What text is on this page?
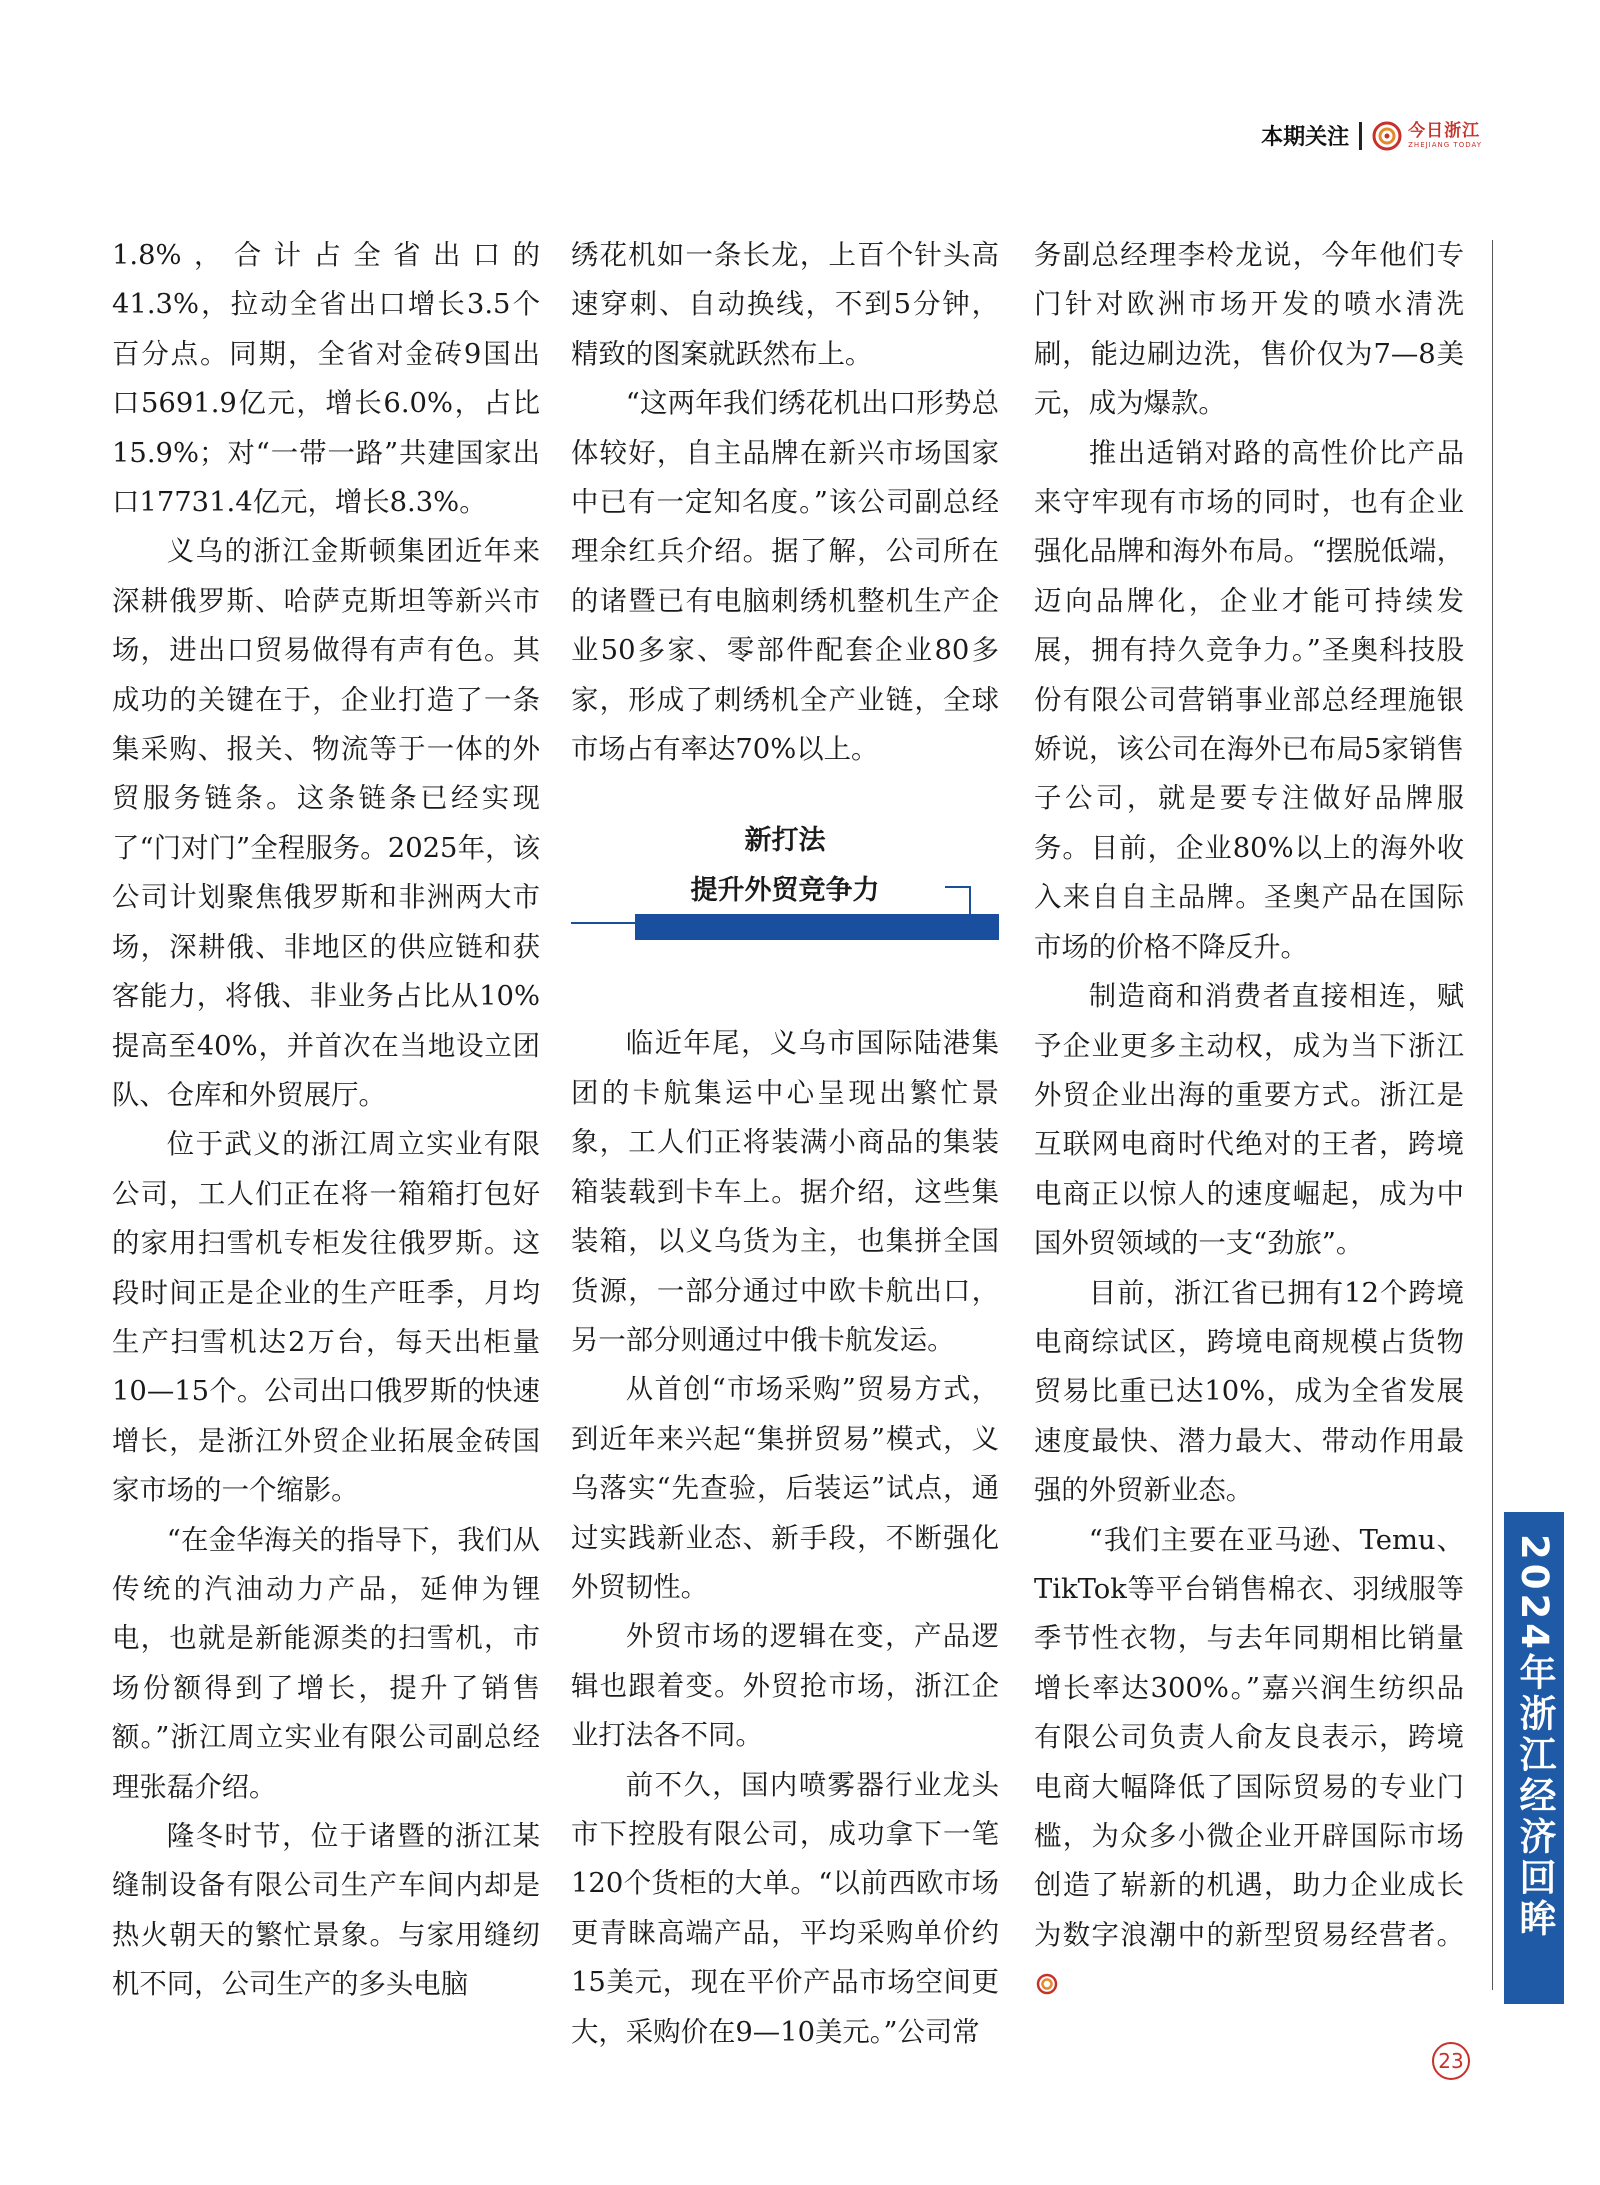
本期关注	今日浙江
ZHEJIANG TODAY

1.8%，合计占全省出口的41.3%，拉动全省出口增长3.5个百分点。同期，全省对金砖9国出口5691.9亿元，增长6.0%，占比15.9%；对“一带一路”共建国家出口17731.4亿元，增长8.3%。

义乌的浙江金斯顿集团近年来深耕俄罗斯、哈萨克斯坦等新兴市场，进出口贸易做得有声有色。其成功的关键在于，企业打造了一条集采购、报关、物流等于一体的外贸服务链条。这条链条已经实现了“门对门”全程服务。2025年，该公司计划聚焦俄罗斯和非洲两大市场，深耕俄、非地区的供应链和获客能力，将俄、非业务占比从10%提高至40%，并首次在当地设立团队、仓库和外贸展厅。

位于武义的浙江周立实业有限公司，工人们正在将一箱箱打包好的家用扫雪机专柜发往俄罗斯。这段时间正是企业的生产旺季，月均生产扫雪机达2万台，每天出柜量10—15个。公司出口俄罗斯的快速增长，是浙江外贸企业拓展金砖国家市场的一个缩影。

“在金华海关的指导下，我们从传统的汽油动力产品，延伸为锂电，也就是新能源类的扫雪机，市场份额得到了增长，提升了销售额。”浙江周立实业有限公司副总经理张磊介绍。

隆冬时节，位于诸暨的浙江某缝制设备有限公司生产车间内却是热火朝天的繁忙景象。与家用缝纫机不同，公司生产的多头电脑

绣花机如一条长龙，上百个针头高速穿刺、自动换线，不到5分钟，精致的图案就跃然布上。

“这两年我们绣花机出口形势总体较好，自主品牌在新兴市场国家中已有一定知名度。”该公司副总经理余红兵介绍。据了解，公司所在的诸暨已有电脑刺绣机整机生产企业50多家、零部件配套企业80多家，形成了刺绣机全产业链，全球市场占有率达70%以上。

新打法
提升外贸竞争力

临近年尾，义乌市国际陆港集团的卡航集运中心呈现出繁忙景象，工人们正将装满小商品的集装箱装载到卡车上。据介绍，这些集装箱，以义乌货为主，也集拼全国货源，一部分通过中欧卡航出口，另一部分则通过中俄卡航发运。

从首创“市场采购”贸易方式，到近年来兴起“集拼贸易”模式，义乌落实“先查验，后装运”试点，通过实践新业态、新手段，不断强化外贸韧性。

外贸市场的逻辑在变，产品逻辑也跟着变。外贸抢市场，浙江企业打法各不同。

前不久，国内喷雾器行业龙头市下控股有限公司，成功拿下一笔120个货柜的大单。“以前西欧市场更青睐高端产品，平均采购单价约15美元，现在平价产品市场空间更大，采购价在9—10美元。”公司常

务副总经理李柃龙说，今年他们专门针对欧洲市场开发的喷水清洗刷，能边刷边洗，售价仅为7—8美元，成为爆款。

推出适销对路的高性价比产品来守牢现有市场的同时，也有企业强化品牌和海外布局。“摆脱低端，迈向品牌化，企业才能可持续发展，拥有持久竞争力。”圣奥科技股份有限公司营销事业部总经理施银娇说，该公司在海外已布局5家销售子公司，就是要专注做好品牌服务。目前，企业80%以上的海外收入来自自主品牌。圣奥产品在国际市场的价格不降反升。

制造商和消费者直接相连，赋予企业更多主动权，成为当下浙江外贸企业出海的重要方式。浙江是互联网电商时代绝对的王者，跨境电商正以惊人的速度崛起，成为中国外贸领域的一支“劲旅”。

目前，浙江省已拥有12个跨境电商综试区，跨境电商规模占货物贸易比重已达10%，成为全省发展速度最快、潜力最大、带动作用最强的外贸新业态。

“我们主要在亚马逊、Temu、TikTok等平台销售棉衣、羽绒服等季节性衣物，与去年同期相比销量增长率达300%。”嘉兴润生纺织品有限公司负责人俞友良表示，跨境电商大幅降低了国际贸易的专业门槛，为众多小微企业开辟国际市场创造了崭新的机遇，助力企业成长为数字浪潮中的新型贸易经营者。 2024年浙江经济回眸
23
